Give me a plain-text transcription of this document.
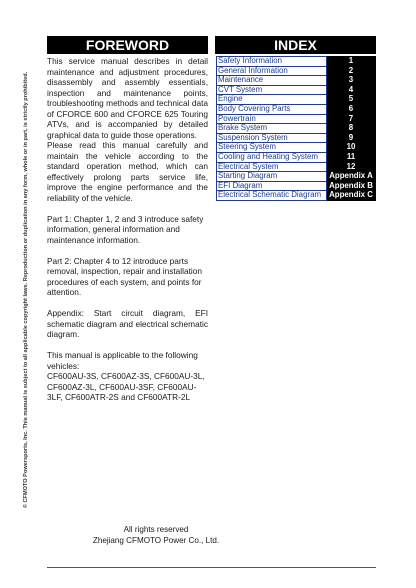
© CFMOTO Powersports, Inc. This manual is subject to all applicable copyright laws. Reproduction or duplication in any form, whole or in part, is strictly prohibited.
FOREWORD	INDEX

This service manual describes in detail maintenance and adjustment procedures, disassembly and assembly essentials, inspection and maintenance points, troubleshooting methods and technical data of CFORCE 600 and CFORCE 625 Touring ATVs, and is accompanied by detailed graphical data to guide those operations.

Please read this manual carefully and maintain the vehicle according to the standard operation method, which can effectively prolong parts service life, improve the engine performance and the reliability of the vehicle.

Part 1: Chapter 1, 2 and 3 introduce safety information, general information and maintenance information.

Part 2: Chapter 4 to 12 introduce parts removal, inspection, repair and installation procedures of each system, and points for attention.

Appendix: Start circuit diagram, EFI schematic diagram and electrical schematic diagram.

This manual is applicable to the following vehicles:

CF600AU-3S, CF600AZ-3S, CF600AU-3L, CF600AZ-3L, CF600AU-3SF, CF600AU-3LF, CF600ATR-2S and CF600ATR-2L

Safety Information	1
General Information	2
Maintenance	3
CVT System	4
Engine	5
Body Covering Parts	6
Powertrain	7
Brake System	8
Suspension System	9
Steering System	10
Cooling and Heating System	11
Electrical System	12
Starting Diagram	Appendix A
EFI Diagram	Appendix B
Electrical Schematic Diagram	Appendix C
All rights reserved
Zhejiang CFMOTO Power Co., Ltd.
